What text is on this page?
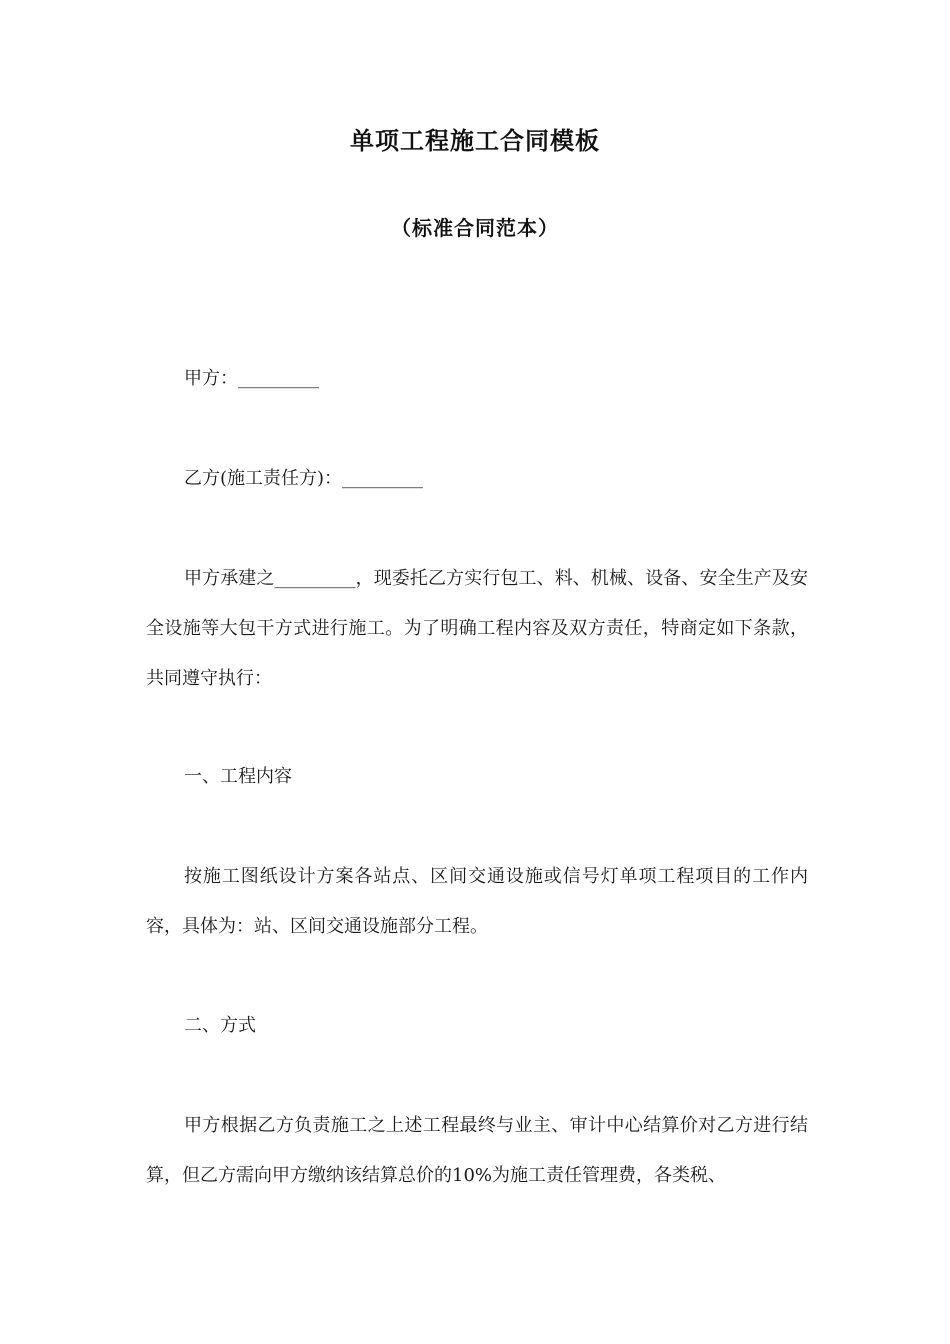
单项工程施工合同模板
（标准合同范本）
甲方：_________
乙方(施工责任方)：_________
甲方承建之_________，现委托乙方实行包工、料、机械、设备、安全生产及安全设施等大包干方式进行施工。为了明确工程内容及双方责任，特商定如下条款，共同遵守执行：
一、工程内容
按施工图纸设计方案各站点、区间交通设施或信号灯单项工程项目的工作内容，具体为：站、区间交通设施部分工程。
二、方式
甲方根据乙方负责施工之上述工程最终与业主、审计中心结算价对乙方进行结算，但乙方需向甲方缴纳该结算总价的10%为施工责任管理费，各类税、
